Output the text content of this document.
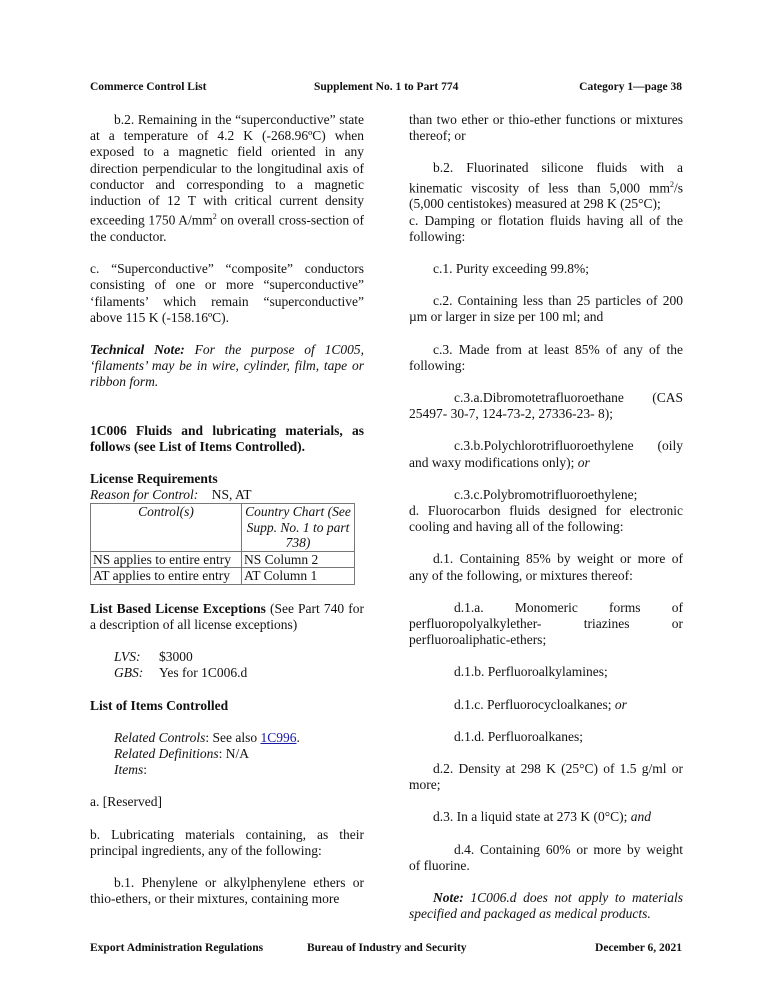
Commerce Control List	Supplement No. 1 to Part 774	Category 1—page 38

b.2. Remaining in the “superconductive” state at a temperature of 4.2 K (-268.96ºC) when exposed to a magnetic field oriented in any direction perpendicular to the longitudinal axis of conductor and corresponding to a magnetic induction of 12 T with critical current density exceeding 1750 $A/mm^2$ on overall cross-section of the conductor.

c. “Superconductive” “composite” conductors consisting of one or more “superconductive” ‘filaments’ which remain “superconductive” above 115 K (-158.16ºC).

Technical Note: For the purpose of 1C005, ‘filaments’ may be in wire, cylinder, film, tape or ribbon form.

1C006 Fluids and lubricating materials, as follows (see List of Items Controlled).

License Requirements

Reason for Control: NS, AT

Control(s)	Country Chart (See Supp. No. 1 to part 738)
NS applies to entire entry	NS Column 2
AT applies to entire entry	AT Column 1

List Based License Exceptions (See Part 740 for a description of all license exceptions)

LVS:	$3000
GBS:	Yes for 1C006.d

List of Items Controlled

Related Controls: See also 1C996.
Related Definitions: N/A
Items:

a. [Reserved]

b. Lubricating materials containing, as their principal ingredients, any of the following:

b.1. Phenylene or alkylphenylene ethers or thio-ethers, or their mixtures, containing more

than two ether or thio-ether functions or mixtures thereof; or

b.2. Fluorinated silicone fluids with a kinematic viscosity of less than 5,000 $mm^2/s$ (5,000 centistokes) measured at 298 K (25°C);

c. Damping or flotation fluids having all of the following:

c.1. Purity exceeding 99.8%;

c.2. Containing less than 25 particles of 200 µm or larger in size per 100 ml; and

c.3. Made from at least 85% of any of the following:

c.3.a.Dibromotetrafluoroethane (CAS 25497- 30-7, 124-73-2, 27336-23- 8);

c.3.b.Polychlorotrifluoroethylene (oily and waxy modifications only); or

c.3.c.Polybromotrifluoroethylene;

d. Fluorocarbon fluids designed for electronic cooling and having all of the following:

d.1. Containing 85% by weight or more of any of the following, or mixtures thereof:

d.1.a. Monomeric forms of perfluoropolyalkylether- triazines or perfluoroaliphatic-ethers;

d.1.b. Perfluoroalkylamines;

d.1.c. Perfluorocycloalkanes; or

d.1.d. Perfluoroalkanes;

d.2. Density at 298 K (25°C) of 1.5 g/ml or more;

d.3. In a liquid state at 273 K (0°C); and

d.4. Containing 60% or more by weight of fluorine.

Note: 1C006.d does not apply to materials specified and packaged as medical products.

Export Administration Regulations	Bureau of Industry and Security	December 6, 2021
